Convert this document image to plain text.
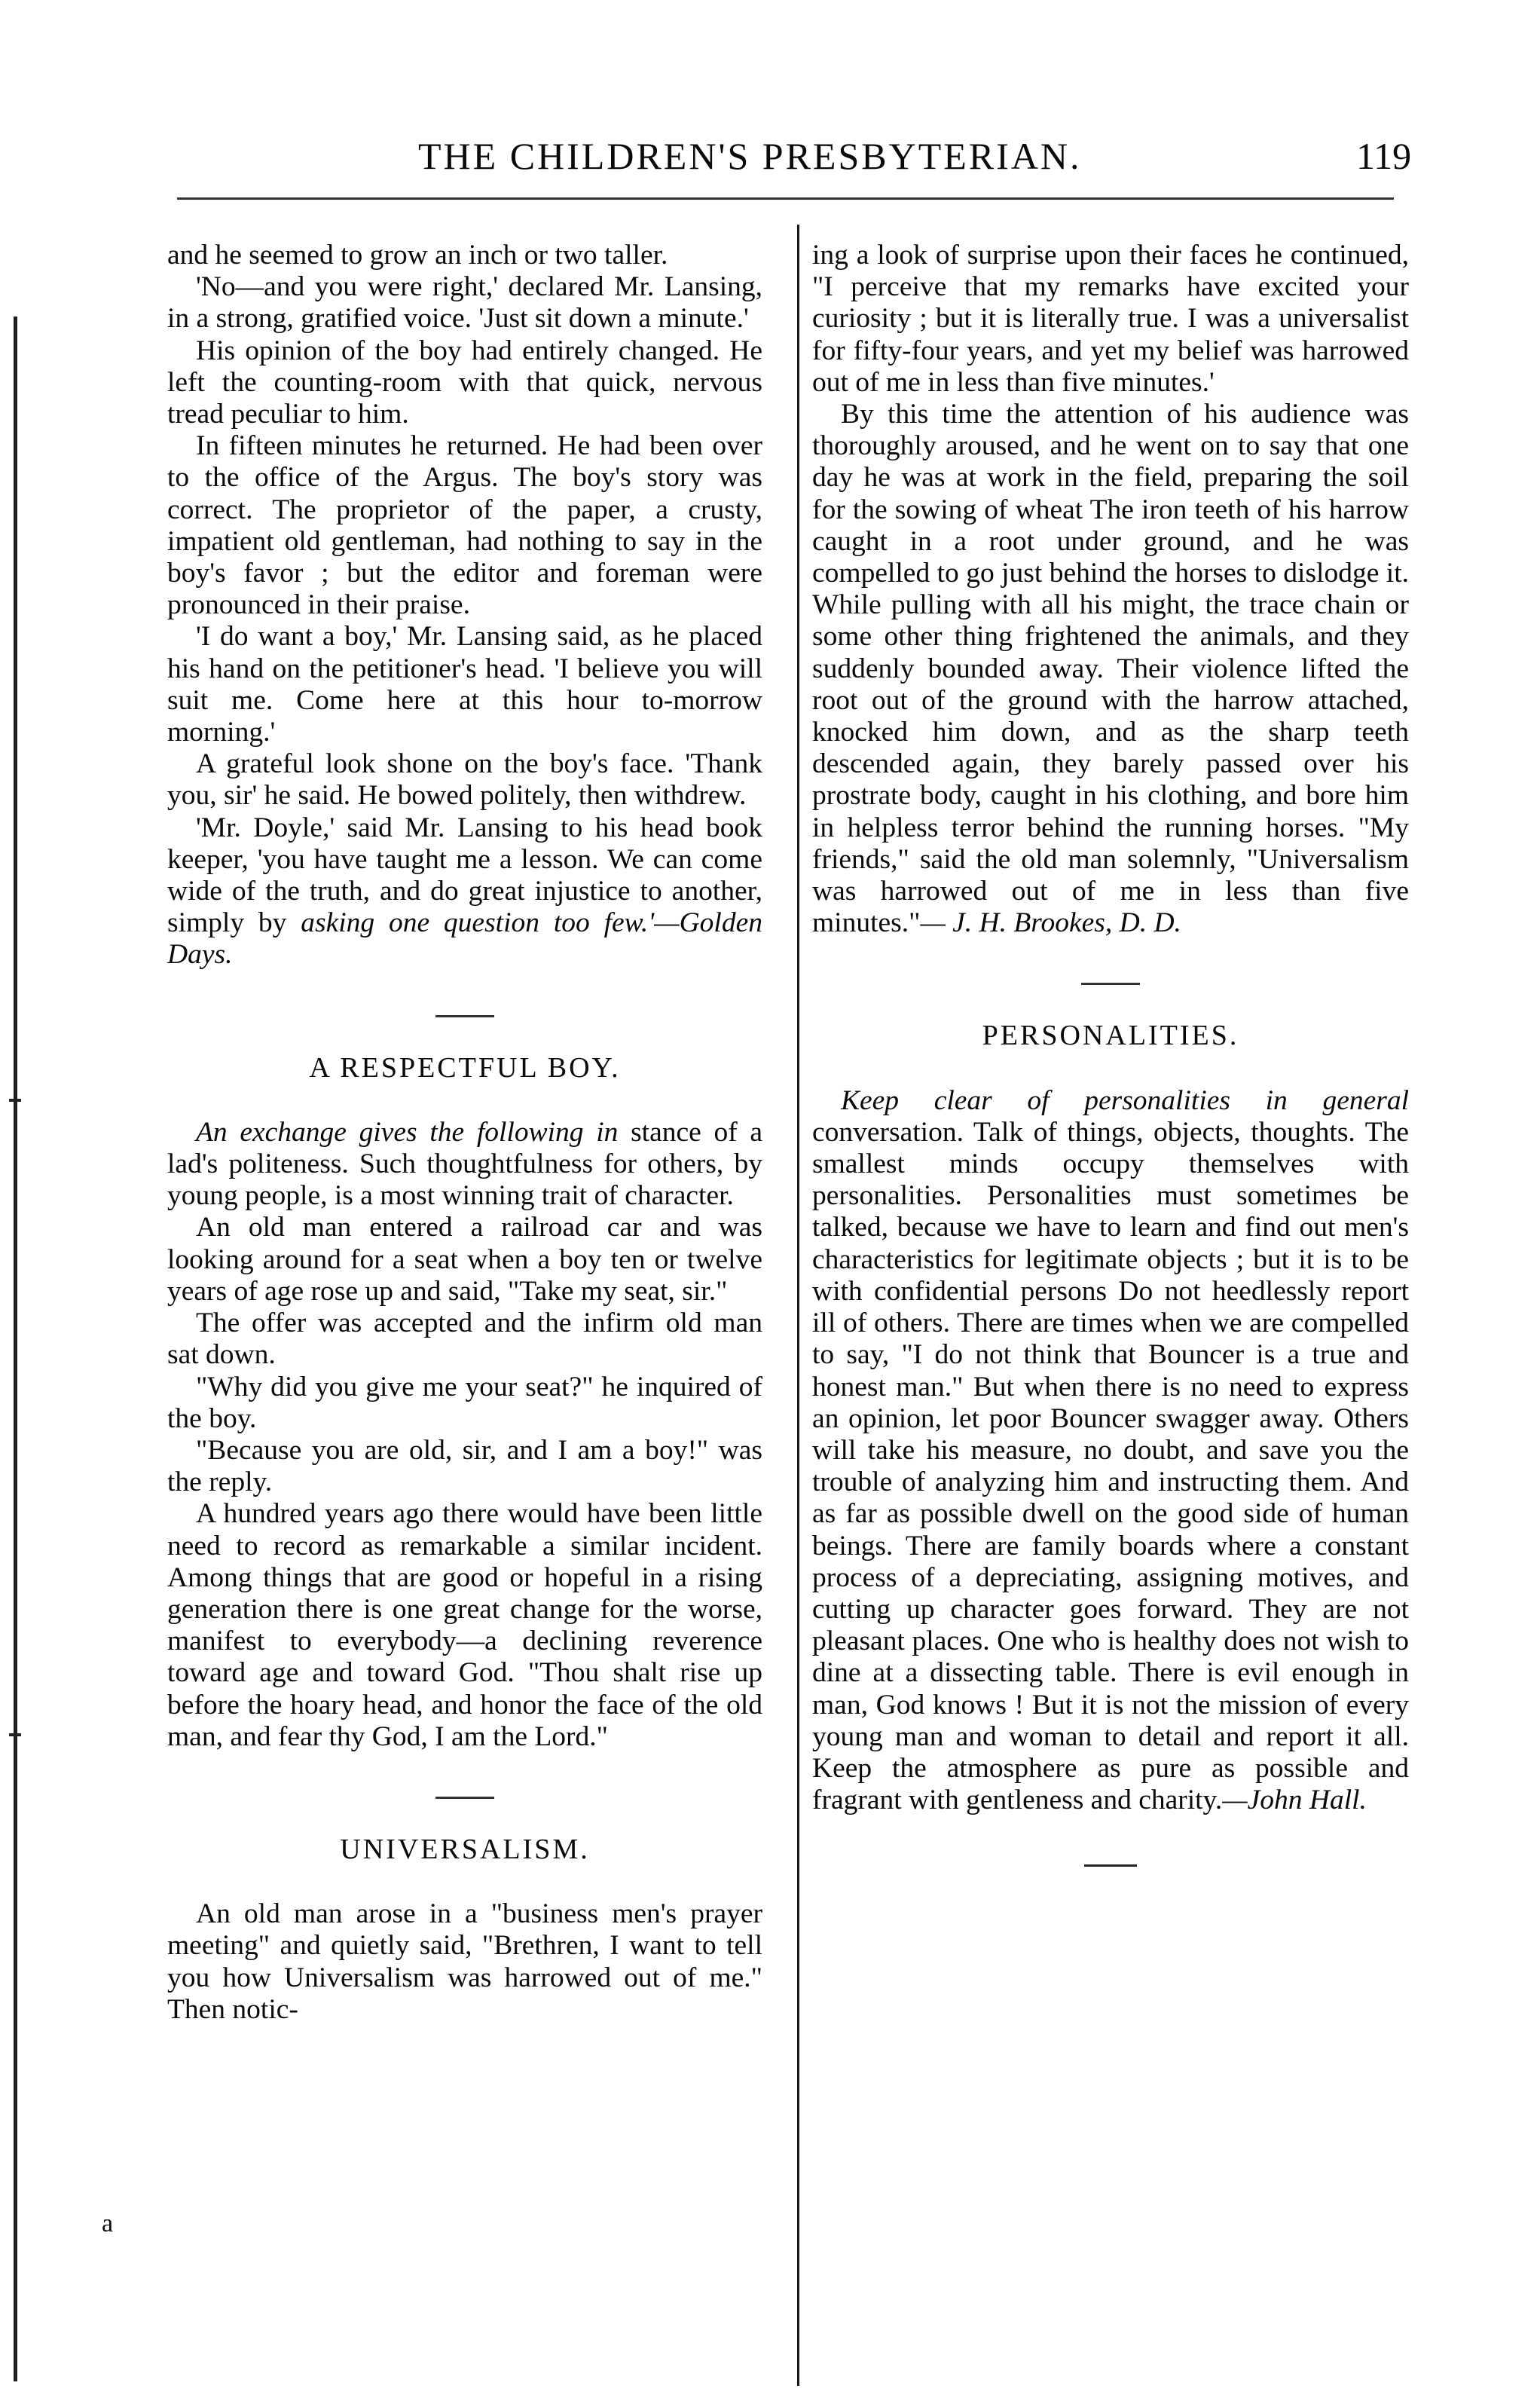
a
THE CHILDREN'S PRESBYTERIAN.	119

and he seemed to grow an inch or two taller.

'No—and you were right,' declared Mr. Lansing, in a strong, gratified voice. 'Just sit down a minute.'

His opinion of the boy had entirely changed. He left the counting-room with that quick, nervous tread peculiar to him.

In fifteen minutes he returned. He had been over to the office of the Argus. The boy's story was correct. The proprietor of the paper, a crusty, impatient old gentleman, had nothing to say in the boy's favor ; but the editor and foreman were pronounced in their praise.

'I do want a boy,' Mr. Lansing said, as he placed his hand on the petitioner's head. 'I believe you will suit me. Come here at this hour to-morrow morning.'

A grateful look shone on the boy's face. 'Thank you, sir' he said. He bowed politely, then withdrew.

'Mr. Doyle,' said Mr. Lansing to his head book keeper, 'you have taught me a lesson. We can come wide of the truth, and do great injustice to another, simply by asking one question too few.'—Golden Days.

A RESPECTFUL BOY.

An exchange gives the following in stance of a lad's politeness. Such thoughtfulness for others, by young people, is a most winning trait of character.

An old man entered a railroad car and was looking around for a seat when a boy ten or twelve years of age rose up and said, "Take my seat, sir."

The offer was accepted and the infirm old man sat down.

"Why did you give me your seat?" he inquired of the boy.

"Because you are old, sir, and I am a boy!" was the reply.

A hundred years ago there would have been little need to record as remarkable a similar incident. Among things that are good or hopeful in a rising generation there is one great change for the worse, manifest to everybody—a declining reverence toward age and toward God. "Thou shalt rise up before the hoary head, and honor the face of the old man, and fear thy God, I am the Lord."

UNIVERSALISM.

An old man arose in a "business men's prayer meeting" and quietly said, "Brethren, I want to tell you how Universalism was harrowed out of me." Then notic-

ing a look of surprise upon their faces he continued, "I perceive that my remarks have excited your curiosity ; but it is literally true. I was a universalist for fifty-four years, and yet my belief was harrowed out of me in less than five minutes.'

By this time the attention of his audience was thoroughly aroused, and he went on to say that one day he was at work in the field, preparing the soil for the sowing of wheat The iron teeth of his harrow caught in a root under ground, and he was compelled to go just behind the horses to dislodge it. While pulling with all his might, the trace chain or some other thing frightened the animals, and they suddenly bounded away. Their violence lifted the root out of the ground with the harrow attached, knocked him down, and as the sharp teeth descended again, they barely passed over his prostrate body, caught in his clothing, and bore him in helpless terror behind the running horses. "My friends," said the old man solemnly, "Universalism was harrowed out of me in less than five minutes."— J. H. Brookes, D. D.

PERSONALITIES.

Keep clear of personalities in general conversation. Talk of things, objects, thoughts. The smallest minds occupy themselves with personalities. Personalities must sometimes be talked, because we have to learn and find out men's characteristics for legitimate objects ; but it is to be with confidential persons Do not heedlessly report ill of others. There are times when we are compelled to say, "I do not think that Bouncer is a true and honest man." But when there is no need to express an opinion, let poor Bouncer swagger away. Others will take his measure, no doubt, and save you the trouble of analyzing him and instructing them. And as far as possible dwell on the good side of human beings. There are family boards where a constant process of a depreciating, assigning motives, and cutting up character goes forward. They are not pleasant places. One who is healthy does not wish to dine at a dissecting table. There is evil enough in man, God knows ! But it is not the mission of every young man and woman to detail and report it all. Keep the atmosphere as pure as possible and fragrant with gentleness and charity.—John Hall.
